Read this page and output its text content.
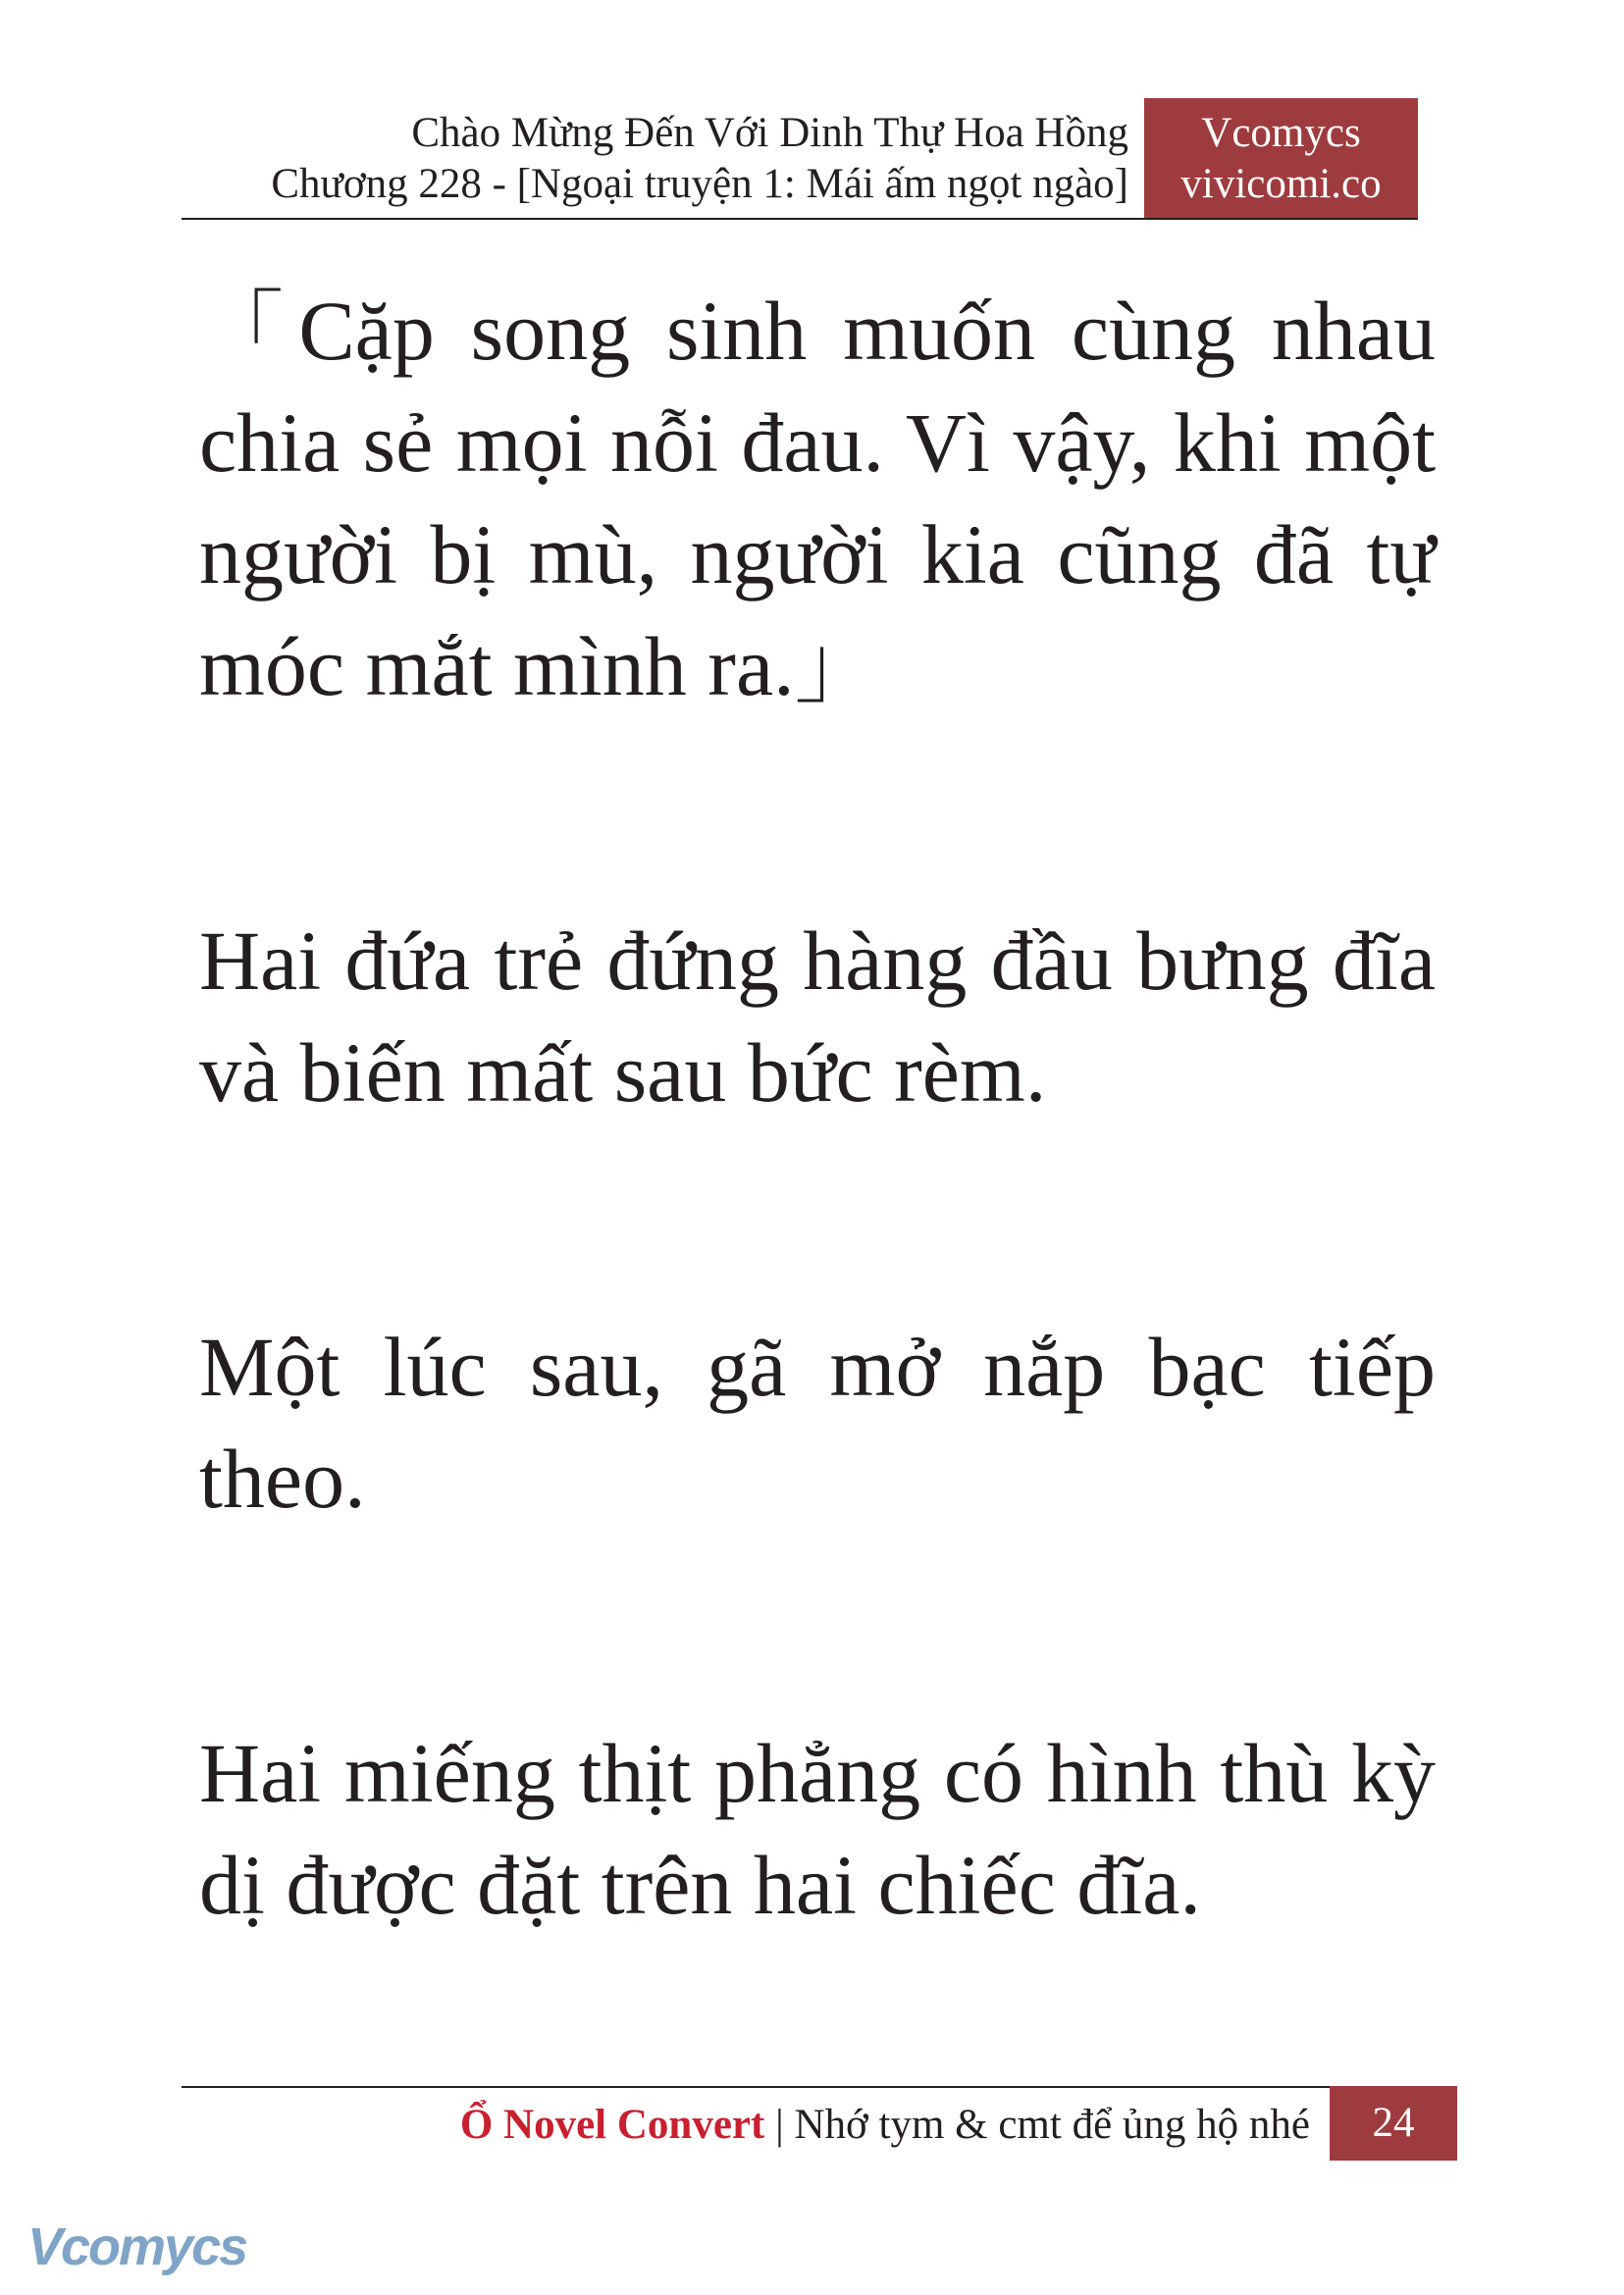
Chào Mừng Đến Với Dinh Thự Hoa Hồng
Chương 228 - [Ngoại truyện 1: Mái ấm ngọt ngào]
Vcomycs
vivicomi.co

「Cặp song sinh muốn cùng nhau chia sẻ mọi nỗi đau. Vì vậy, khi một người bị mù, người kia cũng đã tự móc mắt mình ra.」

Hai đứa trẻ đứng hàng đầu bưng đĩa và biến mất sau bức rèm.

Một lúc sau, gã mở nắp bạc tiếp theo.

Hai miếng thịt phẳng có hình thù kỳ dị được đặt trên hai chiếc đĩa.

Ổ Novel Convert | Nhớ tym & cmt để ủng hộ nhé	24
Vcomycs
